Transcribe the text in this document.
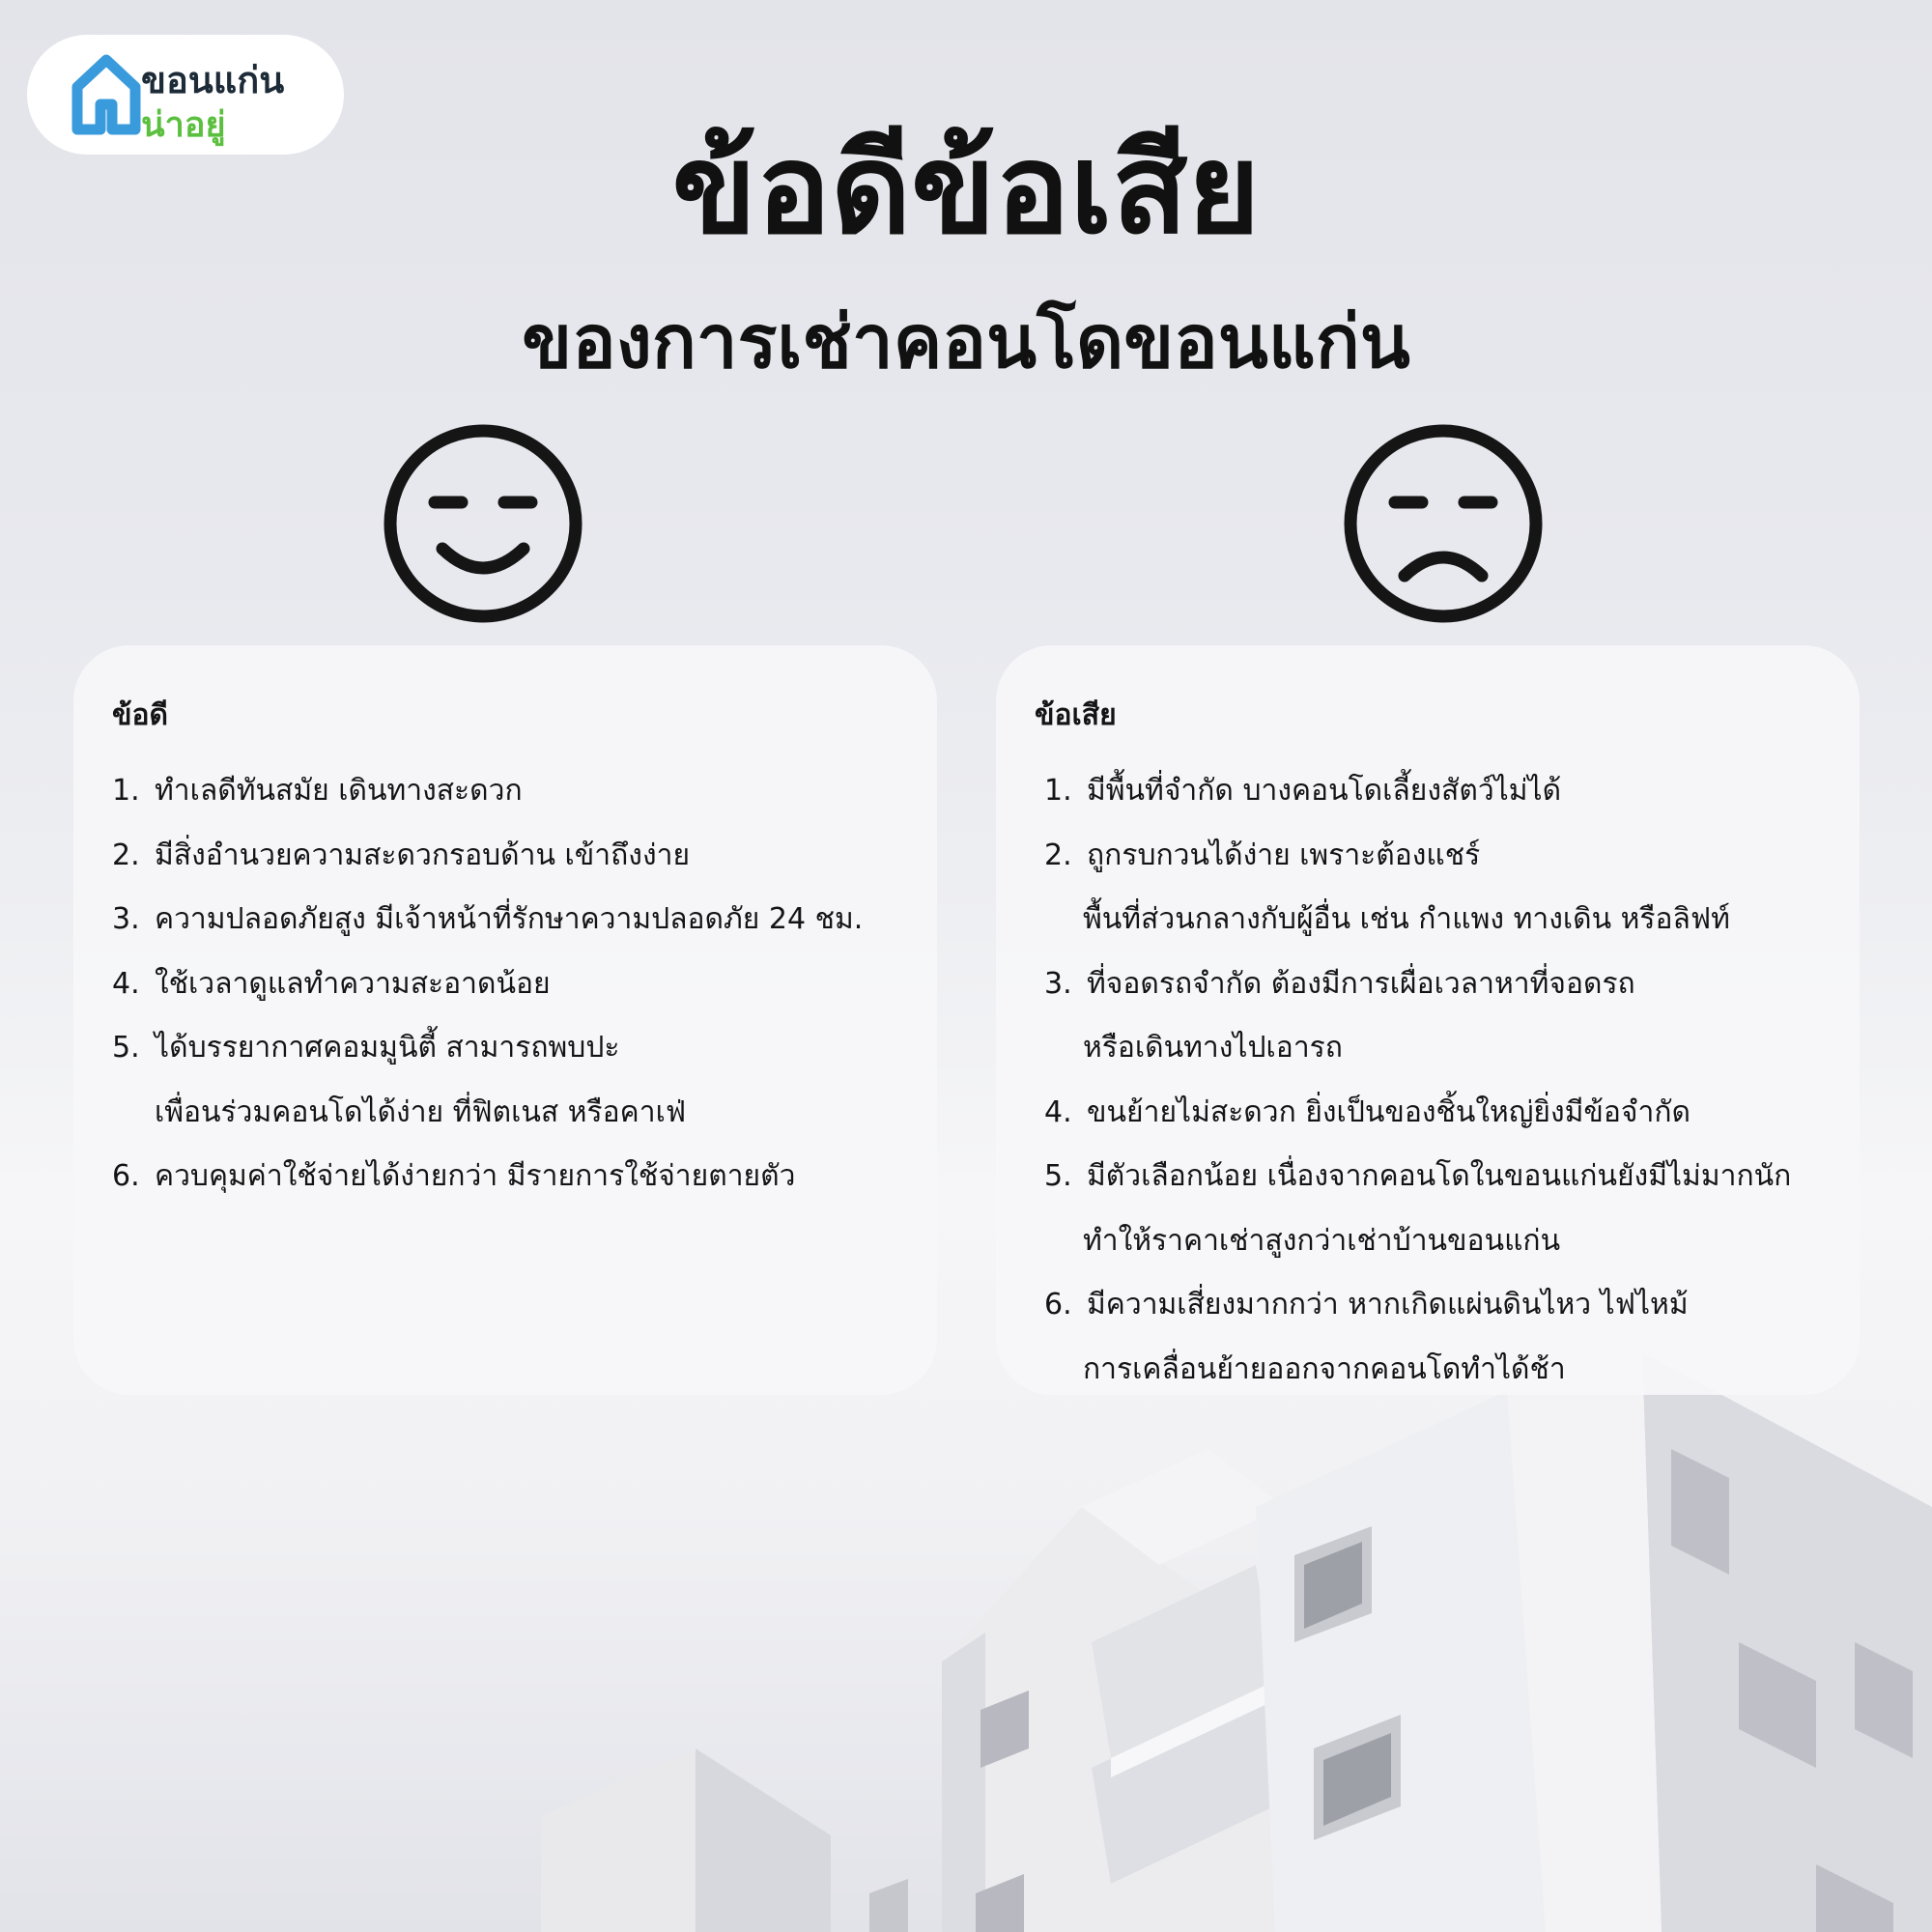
ขอนแก่น
น่าอยู่	ข้อดีข้อเสีย
ของการเช่าคอนโดขอนแก่น
ข้อดี
1. ทำเลดีทันสมัย เดินทางสะดวก
2. มีสิ่งอำนวยความสะดวกรอบด้าน เข้าถึงง่าย
3. ความปลอดภัยสูง มีเจ้าหน้าที่รักษาความปลอดภัย 24 ชม.
4. ใช้เวลาดูแลทำความสะอาดน้อย
5. ได้บรรยากาศคอมมูนิตี้ สามารถพบปะ
เพื่อนร่วมคอนโดได้ง่าย ที่ฟิตเนส หรือคาเฟ่
6. ควบคุมค่าใช้จ่ายได้ง่ายกว่า มีรายการใช้จ่ายตายตัว
ข้อเสีย
1. มีพื้นที่จำกัด บางคอนโดเลี้ยงสัตว์ไม่ได้
2. ถูกรบกวนได้ง่าย เพราะต้องแชร์
พื้นที่ส่วนกลางกับผู้อื่น เช่น กำแพง ทางเดิน หรือลิฟท์
3. ที่จอดรถจำกัด ต้องมีการเผื่อเวลาหาที่จอดรถ
หรือเดินทางไปเอารถ
4. ขนย้ายไม่สะดวก ยิ่งเป็นของชิ้นใหญ่ยิ่งมีข้อจำกัด
5. มีตัวเลือกน้อย เนื่องจากคอนโดในขอนแก่นยังมีไม่มากนัก
ทำให้ราคาเช่าสูงกว่าเช่าบ้านขอนแก่น
6. มีความเสี่ยงมากกว่า หากเกิดแผ่นดินไหว ไฟไหม้
การเคลื่อนย้ายออกจากคอนโดทำได้ช้า
